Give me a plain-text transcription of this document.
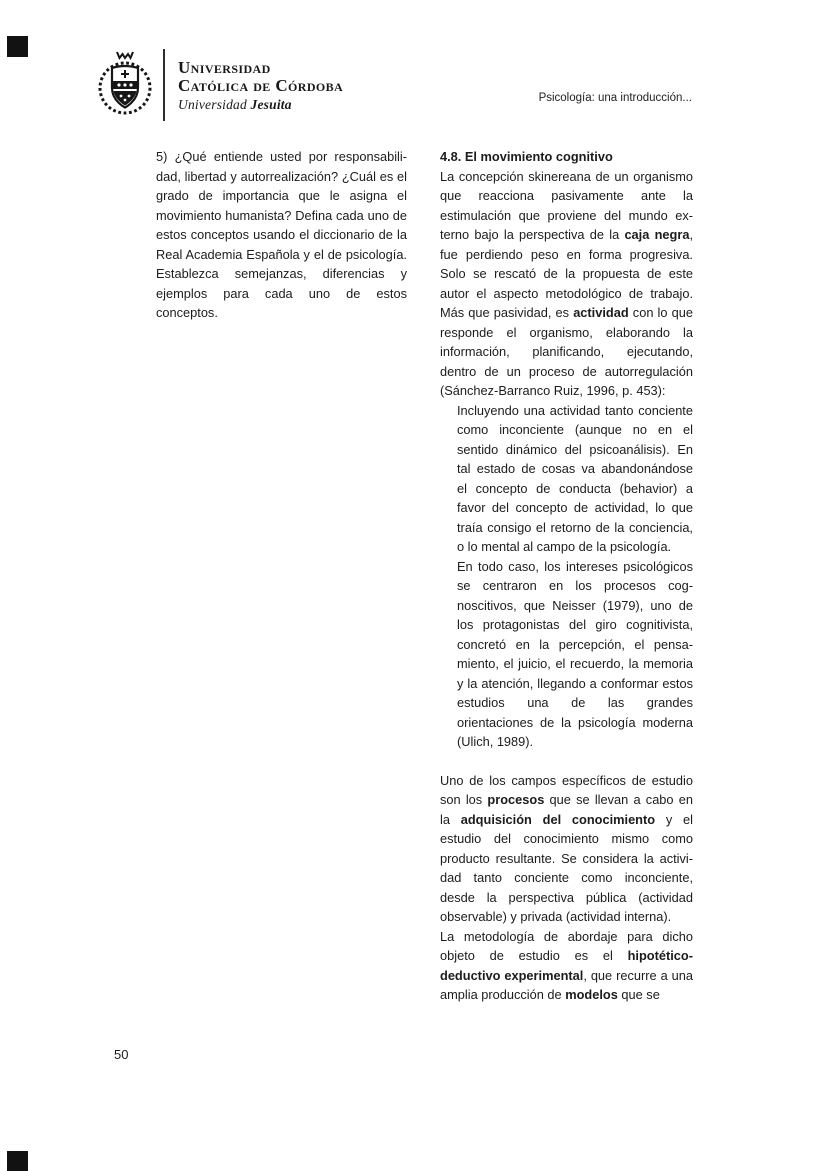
Universidad
Católica de Córdoba
Universidad Jesuita	Psicología: una introducción...

5) ¿Qué entiende usted por responsabilidad, libertad y autorrealización? ¿Cuál es el grado de importancia que le asigna el movimiento humanista? Defina cada uno de estos conceptos usando el diccionario de la Real Academia Española y el de psicología. Establezca semejanzas, diferencias y ejemplos para cada uno de estos conceptos.

4.8. El movimiento cognitivo

La concepción skinereana de un organismo que reacciona pasivamente ante la estimulación que proviene del mundo externo bajo la perspectiva de la caja negra, fue perdiendo peso en forma progresiva. Solo se rescató de la propuesta de este autor el aspecto metodológico de trabajo. Más que pasividad, es actividad con lo que responde el organismo, elaborando la información, planificando, ejecutando, dentro de un proceso de autorregulación (Sánchez-Barranco Ruiz, 1996, p. 453):

Incluyendo una actividad tanto conciente como inconciente (aunque no en el sentido dinámico del psicoanálisis). En tal estado de cosas va abandonándose el concepto de conducta (behavior) a favor del concepto de actividad, lo que traía consigo el retorno de la conciencia, o lo mental al campo de la psicología.

En todo caso, los intereses psicológicos se centraron en los procesos cognoscitivos, que Neisser (1979), uno de los protagonistas del giro cognitivista, concretó en la percepción, el pensamiento, el juicio, el recuerdo, la memoria y la atención, llegando a conformar estos estudios una de las grandes orientaciones de la psicología moderna (Ulich, 1989).

Uno de los campos específicos de estudio son los procesos que se llevan a cabo en la adquisición del conocimiento y el estudio del conocimiento mismo como producto resultante. Se considera la actividad tanto conciente como inconciente, desde la perspectiva pública (actividad observable) y privada (actividad interna).

La metodología de abordaje para dicho objeto de estudio es el hipotético-deductivo experimental, que recurre a una amplia producción de modelos que se

50
